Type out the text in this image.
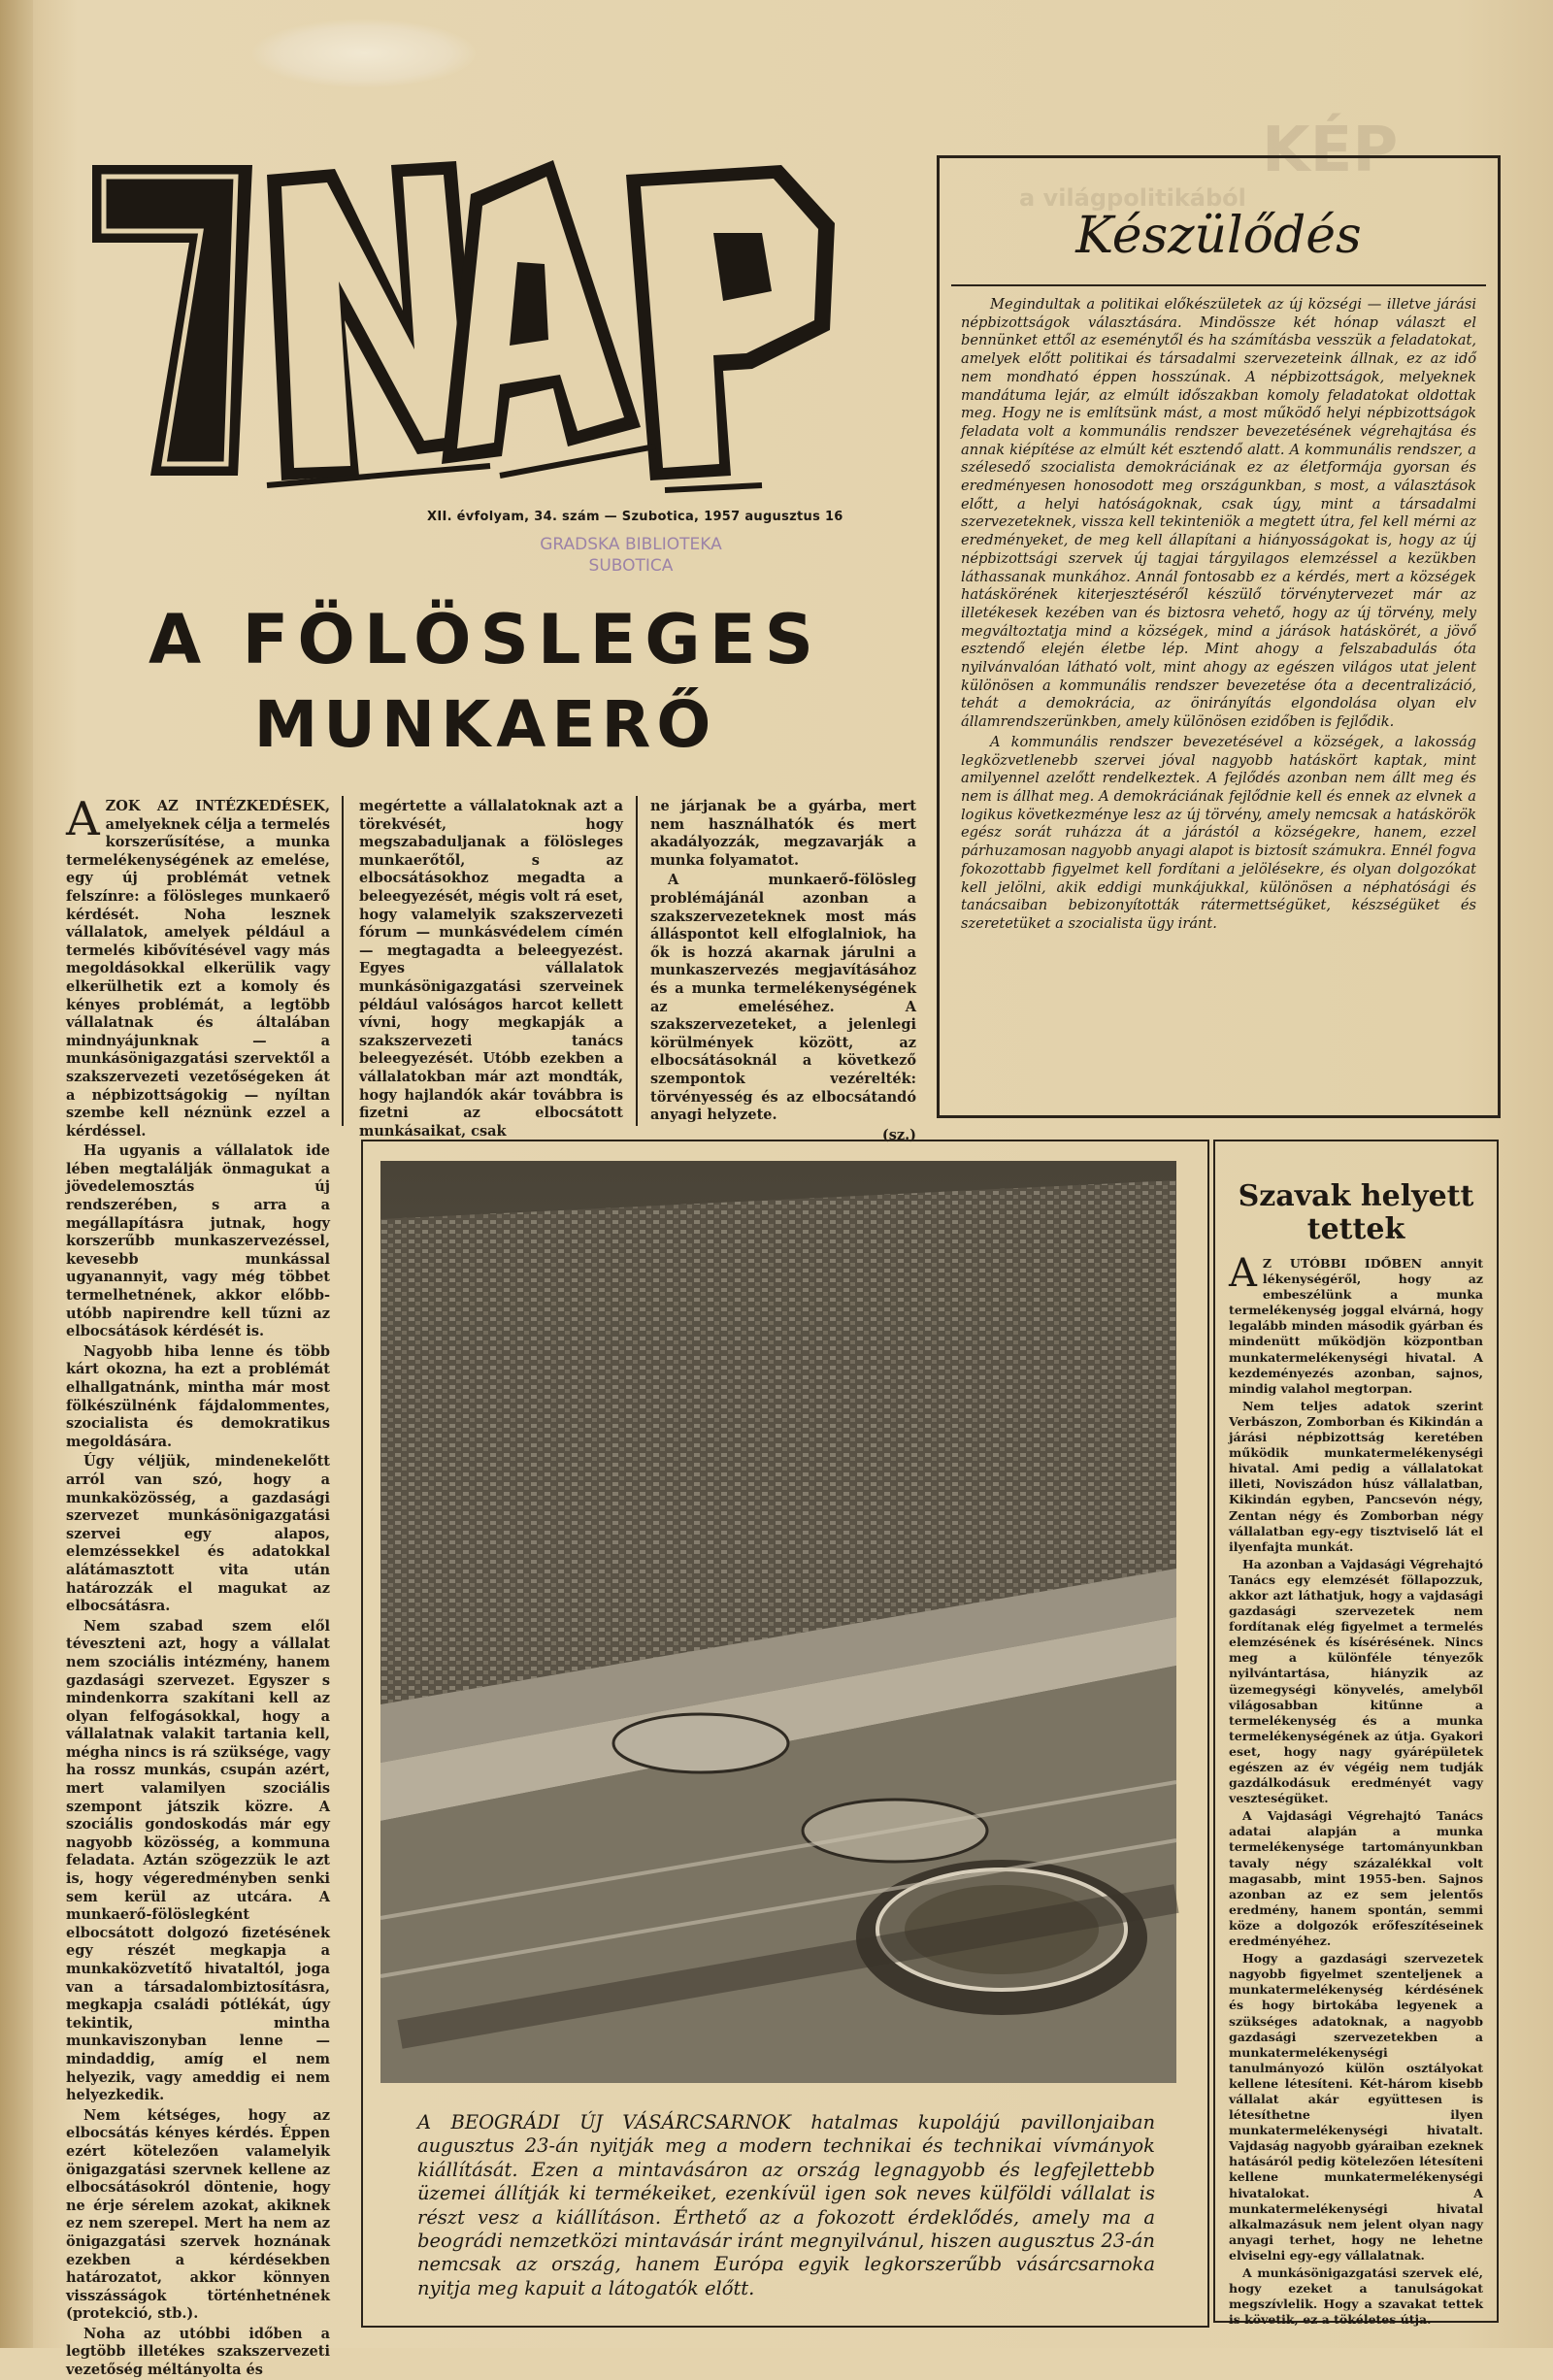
KÉP
a világpolitikából
XII. évfolyam, 34. szám — Szubotica, 1957 augusztus 16
GRADSKA BIBLIOTEKA
SUBOTICA
A FÖLÖSLEGES
MUNKAERŐ

AZOK AZ INTÉZKEDÉSEK, amelyeknek célja a termelés korszerűsítése, a munka termelékenységének az emelése, egy új problémát vetnek felszínre: a fölösleges munkaerő kérdését. Noha lesznek vállalatok, amelyek például a termelés kibővítésével vagy más megoldásokkal elkerülik vagy elkerülhetik ezt a komoly és kényes problémát, a legtöbb vállalatnak és általában mindnyájunknak — a munkásönigazgatási szervektől a szakszervezeti vezetőségeken át a népbizottságokig — nyíltan szembe kell néznünk ezzel a kérdéssel.

Ha ugyanis a vállalatok ide lében megtalálják önmagukat a jövedelemosztás új rendszerében, s arra a megállapításra jutnak, hogy korszerűbb munkaszervezéssel, kevesebb munkással ugyanannyit, vagy még többet termelhetnének, akkor előbb-utóbb napirendre kell tűzni az elbocsátások kérdését is.

Nagyobb hiba lenne és több kárt okozna, ha ezt a problémát elhallgatnánk, mintha már most fölkészülnénk fájdalommentes, szocialista és demokratikus megoldására.

Úgy véljük, mindenekelőtt arról van szó, hogy a munkaközösség, a gazdasági szervezet munkásönigazgatási szervei egy alapos, elemzéssekkel és adatokkal alátámasztott vita után határozzák el magukat az elbocsátásra.

Nem szabad szem elől téveszteni azt, hogy a vállalat nem szociális intézmény, hanem gazdasági szervezet. Egyszer s mindenkorra szakítani kell az olyan felfogásokkal, hogy a vállalatnak valakit tartania kell, mégha nincs is rá szüksége, vagy ha rossz munkás, csupán azért, mert valamilyen szociális szempont játszik közre. A szociális gondoskodás már egy nagyobb közösség, a kommuna feladata. Aztán szögezzük le azt is, hogy végeredményben senki sem kerül az utcára. A munkaerő-fölöslegként elbocsátott dolgozó fizetésének egy részét megkapja a munkaközvetítő hivataltól, joga van a társadalombiztosításra, megkapja családi pótlékát, úgy tekintik, mintha munkaviszonyban lenne — mindaddig, amíg el nem helyezik, vagy ameddig ei nem helyezkedik.

Nem kétséges, hogy az elbocsátás kényes kérdés. Éppen ezért kötelezően valamelyik önigazgatási szervnek kellene az elbocsátásokról döntenie, hogy ne érje sérelem azokat, akiknek ez nem szerepel. Mert ha nem az önigazgatási szervek hoznának ezekben a kérdésekben határozatot, akkor könnyen visszásságok történhetnének (protekció, stb.).

Noha az utóbbi időben a legtöbb illetékes szakszervezeti vezetőség méltányolta és

megértette a vállalatoknak azt a törekvését, hogy megszabaduljanak a fölösleges munkaerőtől, s az elbocsátásokhoz megadta a beleegyezését, mégis volt rá eset, hogy valamelyik szakszervezeti fórum — munkásvédelem címén — megtagadta a beleegyezést. Egyes vállalatok munkásönigazgatási szerveinek például valóságos harcot kellett vívni, hogy megkapják a szakszervezeti tanács beleegyezését. Utóbb ezekben a vállalatokban már azt mondták, hogy hajlandók akár továbbra is fizetni az elbocsátott munkásaikat, csak

ne járjanak be a gyárba, mert nem használhatók és mert akadályozzák, megzavarják a munka folyamatot.

A munkaerő-fölösleg problémájánál azonban a szakszervezeteknek most más álláspontot kell elfoglalniok, ha ők is hozzá akarnak járulni a munkaszervezés megjavításához és a munka termelékenységének az emeléséhez. A szakszervezeteket, a jelenlegi körülmények között, az elbocsátásoknál a következő szempontok vezérelték: törvényesség és az elbocsátandó anyagi helyzete.

(sz.)
Készülődés

Megindultak a politikai előkészületek az új községi — illetve járási népbizottságok választására. Mindössze két hónap választ el bennünket ettől az eseménytől és ha számításba vesszük a feladatokat, amelyek előtt politikai és társadalmi szervezeteink állnak, ez az idő nem mondható éppen hosszúnak. A népbizottságok, melyeknek mandátuma lejár, az elmúlt időszakban komoly feladatokat oldottak meg. Hogy ne is említsünk mást, a most működő helyi népbizottságok feladata volt a kommunális rendszer bevezetésének végrehajtása és annak kiépítése az elmúlt két esztendő alatt. A kommunális rendszer, a szélesedő szocialista demokráciának ez az életformája gyorsan és eredményesen honosodott meg országunkban, s most, a választások előtt, a helyi hatóságoknak, csak úgy, mint a társadalmi szervezeteknek, vissza kell tekinteniök a megtett útra, fel kell mérni az eredményeket, de meg kell állapítani a hiányosságokat is, hogy az új népbizottsági szervek új tagjai tárgyilagos elemzéssel a kezükben láthassanak munkához. Annál fontosabb ez a kérdés, mert a községek hatáskörének kiterjesztéséről készülő törvénytervezet már az illetékesek kezében van és biztosra vehető, hogy az új törvény, mely megváltoztatja mind a községek, mind a járások hatáskörét, a jövő esztendő elején életbe lép. Mint ahogy a felszabadulás óta nyilvánvalóan látható volt, mint ahogy az egészen világos utat jelent különösen a kommunális rendszer bevezetése óta a decentralizáció, tehát a demokrácia, az önirányítás elgondolása olyan elv államrendszerünkben, amely különösen ezidőben is fejlődik.

A kommunális rendszer bevezetésével a községek, a lakosság legközvetlenebb szervei jóval nagyobb hatáskört kaptak, mint amilyennel azelőtt rendelkeztek. A fejlődés azonban nem állt meg és nem is állhat meg. A demokráciának fejlődnie kell és ennek az elvnek a logikus következménye lesz az új törvény, amely nemcsak a hatáskörök egész sorát ruházza át a járástól a községekre, hanem, ezzel párhuzamosan nagyobb anyagi alapot is biztosít számukra. Ennél fogva fokozottabb figyelmet kell fordítani a jelölésekre, és olyan dolgozókat kell jelölni, akik eddigi munkájukkal, különösen a néphatósági és tanácsaiban bebizonyították rátermettségüket, készségüket és szeretetüket a szocialista ügy iránt.

A BEOGRÁDI ÚJ VÁSÁRCSARNOK hatalmas kupolájú pavillonjaiban augusztus 23-án nyitják meg a modern technikai és technikai vívmányok kiállítását. Ezen a mintavásáron az ország legnagyobb és legfejlettebb üzemei állítják ki termékeiket, ezenkívül igen sok neves külföldi vállalat is részt vesz a kiállításon. Érthető az a fokozott érdeklődés, amely ma a beográdi nemzetközi mintavásár iránt megnyilvánul, hiszen augusztus 23-án nemcsak az ország, hanem Európa egyik legkorszerűbb vásárcsarnoka nyitja meg kapuit a látogatók előtt.
Szavak helyett
tettek

A Z UTÓBBI IDŐBEN annyit lékenységéről, hogy az embeszélünk a munka termelékenység joggal elvárná, hogy legalább minden második gyárban és mindenütt működjön központban munkatermelékenységi hivatal. A kezdeményezés azonban, sajnos, mindig valahol megtorpan.

Nem teljes adatok szerint Verbászon, Zomborban és Kikindán a járási népbizottság keretében működik munkatermelékenységi hivatal. Ami pedig a vállalatokat illeti, Noviszádon húsz vállalatban, Kikindán egyben, Pancsevón négy, Zentan négy és Zomborban négy vállalatban egy-egy tisztviselő lát el ilyenfajta munkát.

Ha azonban a Vajdasági Végrehajtó Tanács egy elemzését föllapozzuk, akkor azt láthatjuk, hogy a vajdasági gazdasági szervezetek nem fordítanak elég figyelmet a termelés elemzésének és kísérésének. Nincs meg a különféle tényezők nyilvántartása, hiányzik az üzemegységi könyvelés, amelyből világosabban kitűnne a termelékenység és a munka termelékenységének az útja. Gyakori eset, hogy nagy gyárépületek egészen az év végéig nem tudják gazdálkodásuk eredményét vagy veszteségüket.

A Vajdasági Végrehajtó Tanács adatai alapján a munka termelékenysége tartományunkban tavaly négy százalékkal volt magasabb, mint 1955-ben. Sajnos azonban az ez sem jelentős eredmény, hanem spontán, semmi köze a dolgozók erőfeszítéseinek eredményéhez.

Hogy a gazdasági szervezetek nagyobb figyelmet szenteljenek a munkatermelékenység kérdésének és hogy birtokába legyenek a szükséges adatoknak, a nagyobb gazdasági szervezetekben a munkatermelékenységi tanulmányozó külön osztályokat kellene létesíteni. Két-három kisebb vállalat akár együttesen is létesíthetne ilyen munkatermelékenységi hivatalt. Vajdaság nagyobb gyáraiban ezeknek hatásáról pedig kötelezően létesíteni kellene munkatermelékenységi hivatalokat. A munkatermelékenységi hivatal alkalmazásuk nem jelent olyan nagy anyagi terhet, hogy ne lehetne elviselni egy-egy vállalatnak.

A munkásönigazgatási szervek elé, hogy ezeket a tanulságokat megszívlelik. Hogy a szavakat tettek is követik, ez a tökéletes útja.
